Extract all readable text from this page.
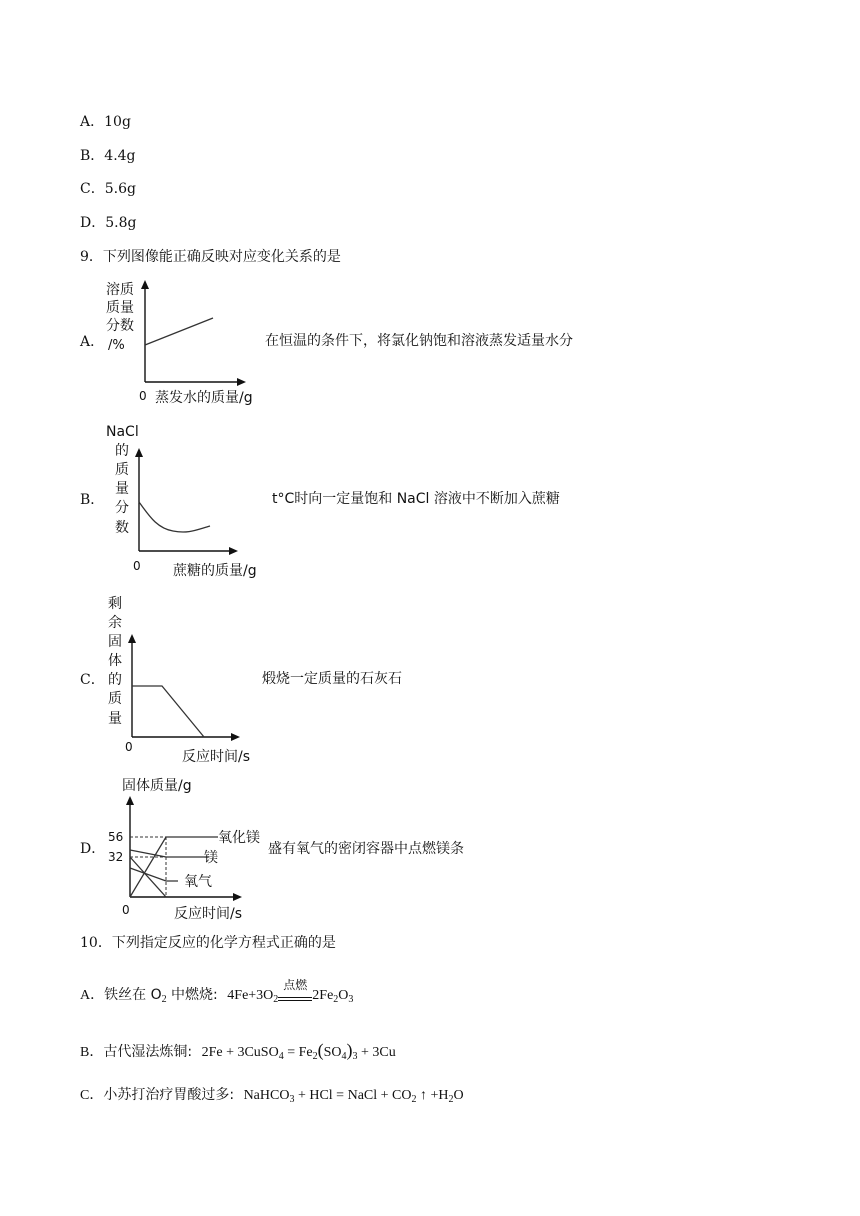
A．10g
B．4.4g
C．5.6g
D．5.8g
9．下列图像能正确反映对应变化关系的是
A．
溶质
质量
分数
/%
0 蒸发水的质量/g
在恒温的条件下，将氯化钠饱和溶液蒸发适量水分
B．
NaCl
的
质
量
分
数
0 蔗糖的质量/g
t°C时向一定量饱和 NaCl 溶液中不断加入蔗糖
C．
剩
余
固
体
的
质
量
0
反应时间/s
煅烧一定质量的石灰石
D．
固体质量/g
56
32
氧化镁
镁
氧气
0	反应时间/s
盛有氧气的密闭容器中点燃镁条
10．下列指定反应的化学方程式正确的是
A．铁丝在 $O_2$ 中燃烧: $4Fe+3O_2$
点燃
$2Fe_2O_3$
B．古代湿法炼铜: 2Fe + 3CuSO$_4$ = $Fe_2(SO_4)_3 + 3Cu$
C．小苏打治疗胃酸过多: NaHCO$_3$ + HCl = NaCl + $CO_2$ ↑ $+H_2O$
